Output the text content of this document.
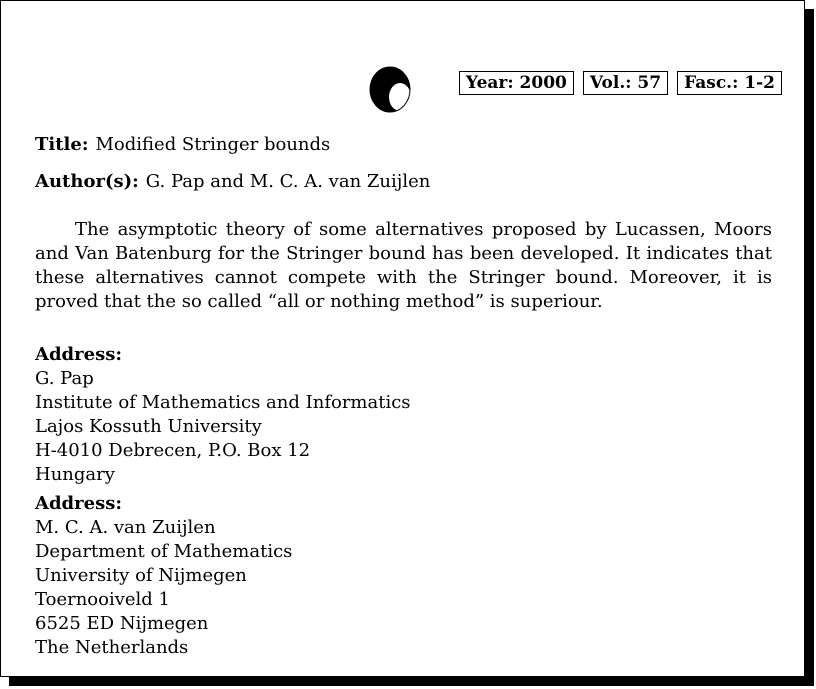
Year: 2000	Vol.: 57	Fasc.: 1-2
Title: Modified Stringer bounds
Author(s): G. Pap and M. C. A. van Zuijlen

The asymptotic theory of some alternatives proposed by Lucassen, Moors and Van Batenburg for the Stringer bound has been developed. It indicates that these alternatives cannot compete with the Stringer bound. Moreover, it is proved that the so called “all or nothing method” is superiour.

Address:
G. Pap
Institute of Mathematics and Informatics
Lajos Kossuth University
H-4010 Debrecen, P.O. Box 12
Hungary
Address:
M. C. A. van Zuijlen
Department of Mathematics
University of Nijmegen
Toernooiveld 1
6525 ED Nijmegen
The Netherlands
